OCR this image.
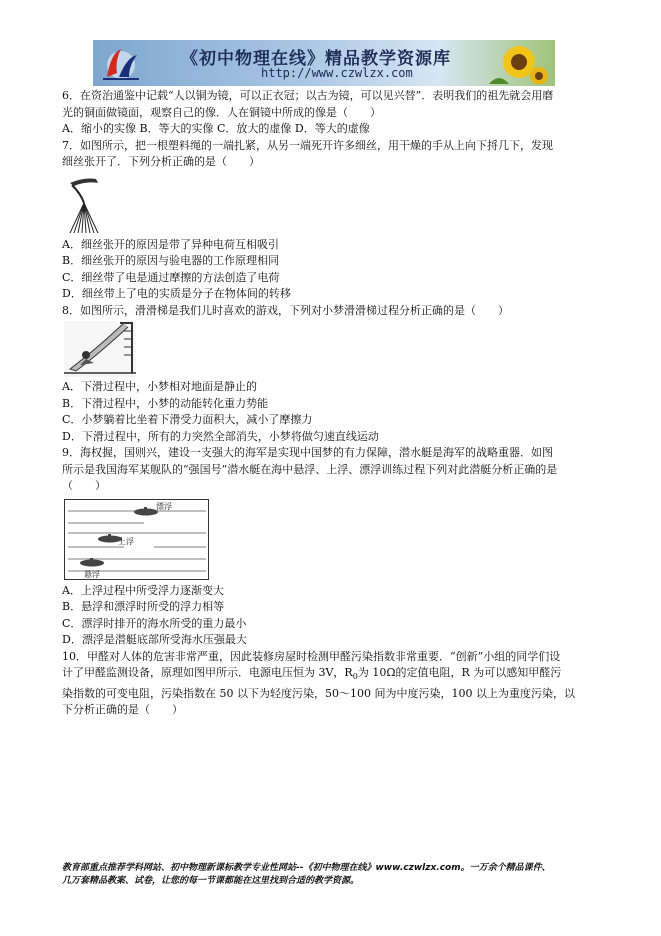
《初中物理在线》精品教学资源库
http://www.czwlzx.com
6．在资治通鉴中记载“人以铜为镜，可以正衣冠；以古为镜，可以见兴替”．表明我们的祖先就会用磨
光的铜面做镜面，观察自己的像．人在铜镜中所成的像是（　　）
A．缩小的实像 B．等大的实像 C．放大的虚像 D．等大的虚像
7．如图所示，把一根塑料绳的一端扎紧，从另一端死开许多细丝，用干燥的手从上向下捋几下，发现
细丝张开了．下列分析正确的是（　　）
A．细丝张开的原因是带了异种电荷互相吸引
B．细丝张开的原因与验电器的工作原理相同
C．细丝带了电是通过摩擦的方法创造了电荷
D．细丝带上了电的实质是分子在物体间的转移
8．如图所示，滑滑梯是我们儿时喜欢的游戏，下列对小梦滑滑梯过程分析正确的是（　　）
A．下滑过程中，小梦相对地面是静止的
B．下滑过程中，小梦的动能转化重力势能
C．小梦躺着比坐着下滑受力面积大，减小了摩擦力
D．下滑过程中，所有的力突然全部消失，小梦将做匀速直线运动
9．海权握，国则兴，建设一支强大的海军是实现中国梦的有力保障，潜水艇是海军的战略重器．如图
所示是我国海军某舰队的“强国号”潜水艇在海中悬浮、上浮、漂浮训练过程下列对此潜艇分析正确的是
（　　）
漂浮
上浮
悬浮
A．上浮过程中所受浮力逐渐变大
B．悬浮和漂浮时所受的浮力相等
C．漂浮时排开的海水所受的重力最小
D．漂浮是潜艇底部所受海水压强最大
10．甲醛对人体的危害非常严重，因此装修房屋时检测甲醛污染指数非常重要．“创新”小组的同学们设
计了甲醛监测设备，原理如图甲所示．电源电压恒为 3V，$R_0$为 10Ω的定值电阻，R 为可以感知甲醛污
染指数的可变电阻，污染指数在 50 以下为轻度污染，50～100 间为中度污染，100 以上为重度污染，以
下分析正确的是（　　）
教育部重点推荐学科网站、初中物理新课标教学专业性网站--《初中物理在线》www.czwlzx.com。一万余个精品课件、
几万套精品教案、试卷，让您的每一节课都能在这里找到合适的教学资源。
